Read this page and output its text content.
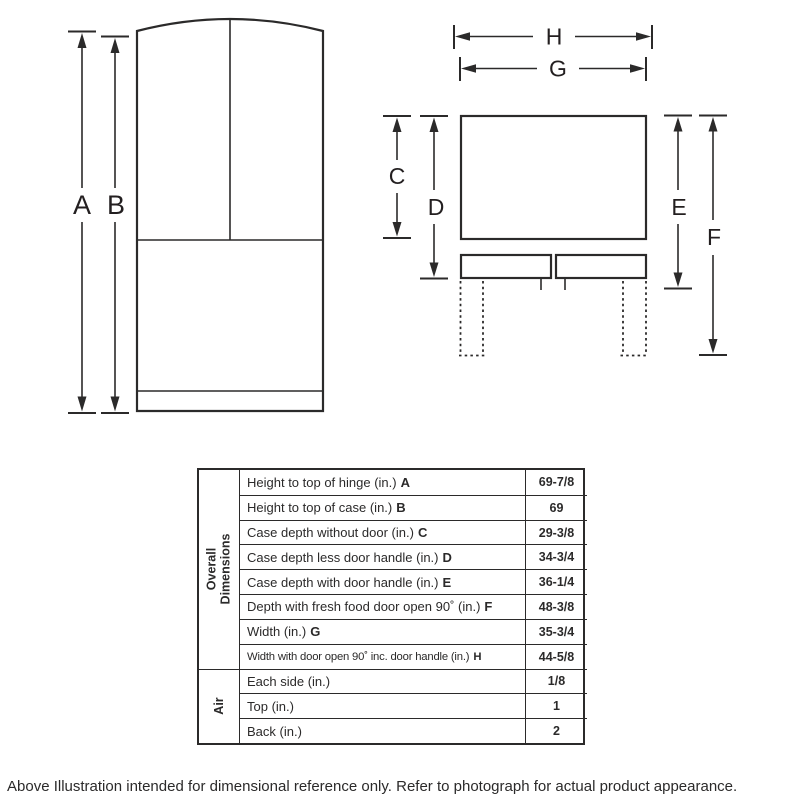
A B
H
G
C
D	E
F
Overall Dimensions
Height to top of hinge (in.) A	69-7/8
Height to top of case (in.) B	69
Case depth without door (in.) C	29-3/8
Case depth less door handle (in.) D	34-3/4
Case depth with door handle (in.) E	36-1/4
Depth with fresh food door open 90˚ (in.) F	48-3/8
Width (in.) G	35-3/4
Width with door open 90˚ inc. door handle (in.) H	44-5/8
Air
Each side (in.)	1/8
Top (in.)	1
Back (in.)	2
Above Illustration intended for dimensional reference only. Refer to photograph for actual product appearance.
